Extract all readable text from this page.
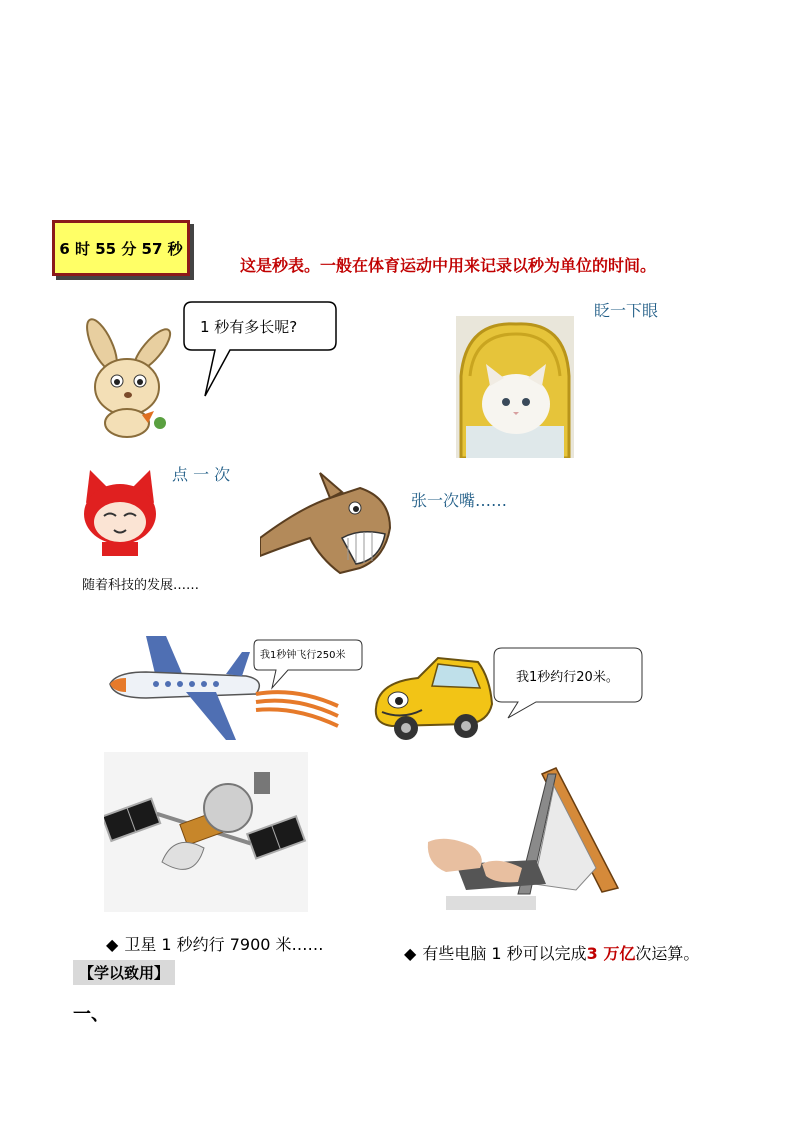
6 时 55 分 57 秒
这是秒表。一般在体育运动中用来记录以秒为单位的时间。
1 秒有多长呢?
眨一下眼
点 一 次
张一次嘴……
随着科技的发展……
我1秒钟飞行250米
我1秒约行20米。
◆ 卫星 1 秒约行 7900 米……	◆ 有些电脑 1 秒可以完成3 万亿次运算。
【学以致用】
一、
